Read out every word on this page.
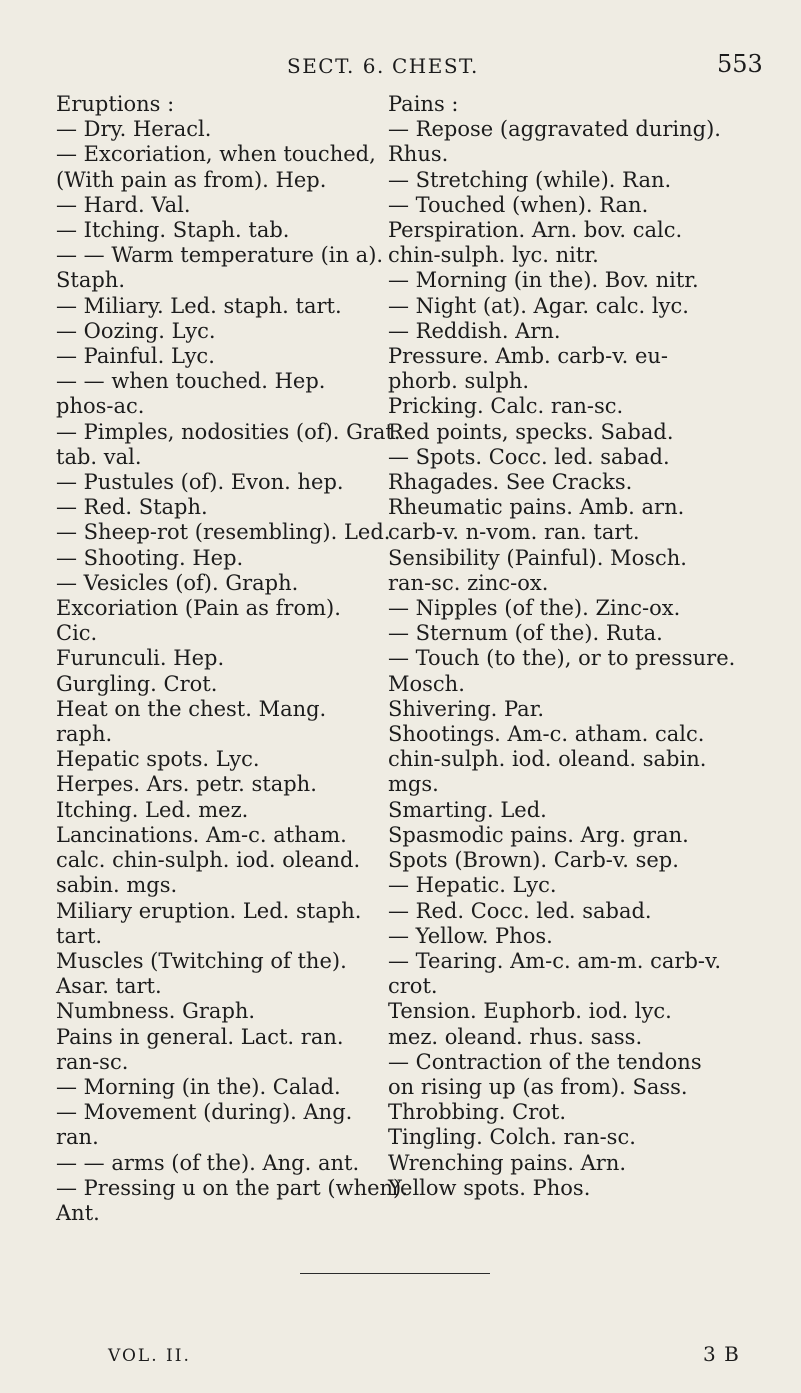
SECT. 6. CHEST.	553
Eruptions :
— Dry. Heracl.
— Excoriation, when touched,
(With pain as from). Hep.
— Hard. Val.
— Itching. Staph. tab.
— — Warm temperature (in a).
Staph.
— Miliary. Led. staph. tart.
— Oozing. Lyc.
— Painful. Lyc.
— — when touched. Hep.
phos-ac.
— Pimples, nodosities (of). Grat.
tab. val.
— Pustules (of). Evon. hep.
— Red. Staph.
— Sheep-rot (resembling). Led.
— Shooting. Hep.
— Vesicles (of). Graph.
Excoriation (Pain as from).
Cic.
Furunculi. Hep.
Gurgling. Crot.
Heat on the chest. Mang.
raph.
Hepatic spots. Lyc.
Herpes. Ars. petr. staph.
Itching. Led. mez.
Lancinations. Am-c. atham.
calc. chin-sulph. iod. oleand.
sabin. mgs.
Miliary eruption. Led. staph.
tart.
Muscles (Twitching of the).
Asar. tart.
Numbness. Graph.
Pains in general. Lact. ran.
ran-sc.
— Morning (in the). Calad.
— Movement (during). Ang.
ran.
— — arms (of the). Ang. ant.
— Pressing u on the part (when).
Ant.
Pains :
— Repose (aggravated during).
Rhus.
— Stretching (while). Ran.
— Touched (when). Ran.
Perspiration. Arn. bov. calc.
chin-sulph. lyc. nitr.
— Morning (in the). Bov. nitr.
— Night (at). Agar. calc. lyc.
— Reddish. Arn.
Pressure. Amb. carb-v. eu-
phorb. sulph.
Pricking. Calc. ran-sc.
Red points, specks. Sabad.
— Spots. Cocc. led. sabad.
Rhagades. See Cracks.
Rheumatic pains. Amb. arn.
carb-v. n-vom. ran. tart.
Sensibility (Painful). Mosch.
ran-sc. zinc-ox.
— Nipples (of the). Zinc-ox.
— Sternum (of the). Ruta.
— Touch (to the), or to pressure.
Mosch.
Shivering. Par.
Shootings. Am-c. atham. calc.
chin-sulph. iod. oleand. sabin.
mgs.
Smarting. Led.
Spasmodic pains. Arg. gran.
Spots (Brown). Carb-v. sep.
— Hepatic. Lyc.
— Red. Cocc. led. sabad.
— Yellow. Phos.
— Tearing. Am-c. am-m. carb-v.
crot.
Tension. Euphorb. iod. lyc.
mez. oleand. rhus. sass.
— Contraction of the tendons
on rising up (as from). Sass.
Throbbing. Crot.
Tingling. Colch. ran-sc.
Wrenching pains. Arn.
Yellow spots. Phos.
VOL. II.	3 B
